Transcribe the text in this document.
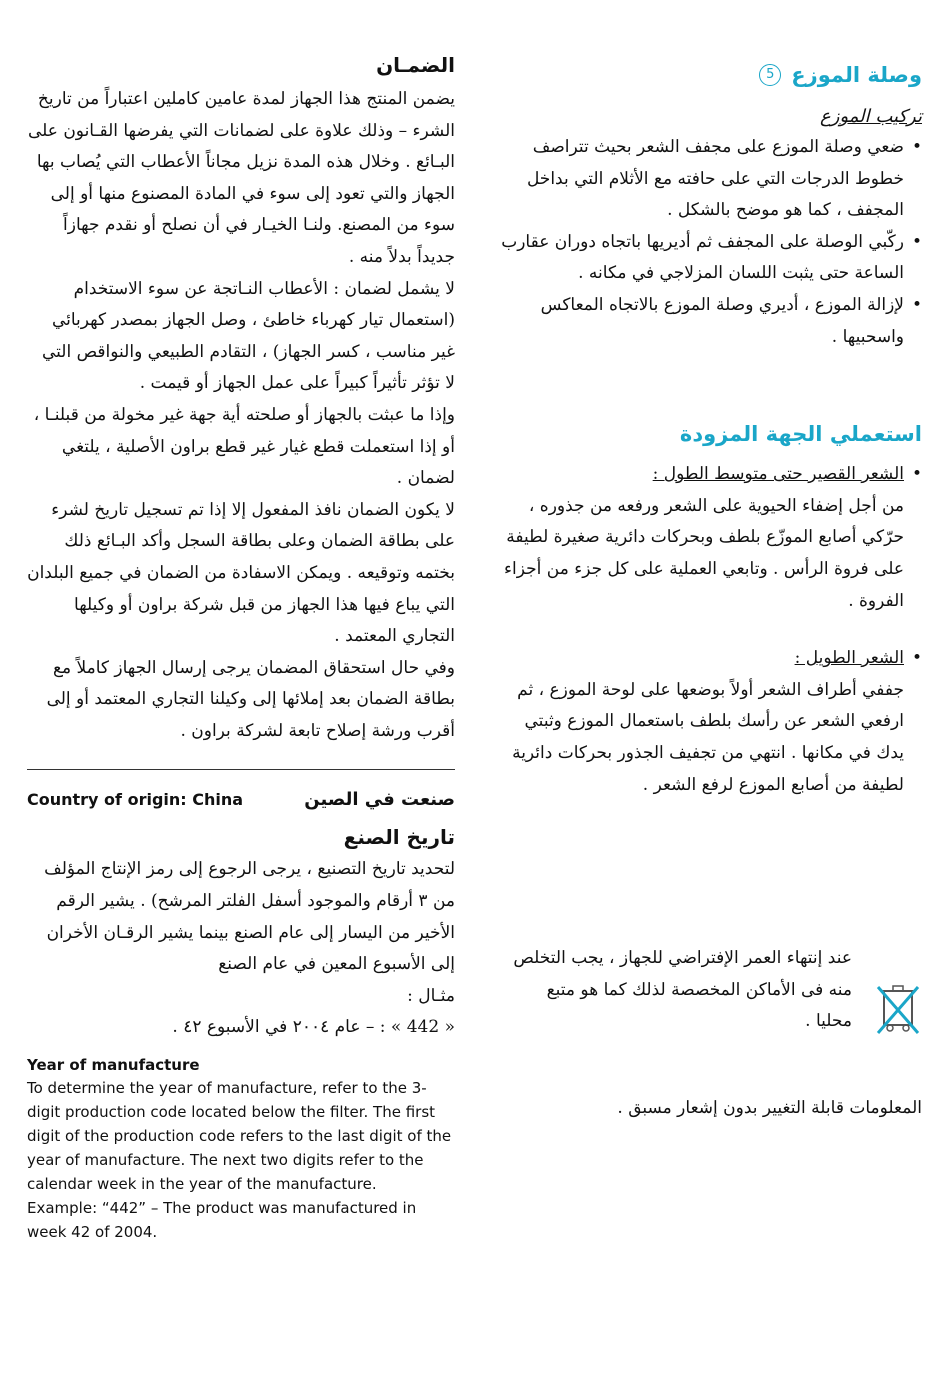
الضمـان

يضمن المنتج هذا الجهاز لمدة عامين كاملين اعتباراً من تاريخ الشرء – وذلك علاوة على لضمانات التي يفرضها القـانون على البـائع . وخلال هذه المدة نزيل مجاناً الأعطاب التي يُصاب بها الجهاز والتي تعود إلى سوء في المادة المصنوع منها أو إلى سوء من المصنع. ولنـا الخيـار في أن نصلح أو نقدم جهازاً جديداً بدلاً منه .

لا يشمل لضمان : الأعطاب النـاتجة عن سوء الاستخدام (استعمال تيار كهرباء خاطئ ، وصل الجهاز بمصدر كهربائي غير مناسب ، كسر الجهاز) ، التقادم الطبيعي والنواقص التي لا تؤثر تأثيراً كبيراً على عمل الجهاز أو قيمت .

وإذا ما عبثت بالجهاز أو صلحته أية جهة غير مخولة من قبلنـا ، أو إذا استعملت قطع غيار غير قطع براون الأصلية ، يلتغي لضمان .

لا يكون الضمان نافذ المفعول إلا إذا تم تسجيل تاريخ لشرء على بطاقة الضمان وعلى بطاقة السجل وأكد البـائع ذلك بختمه وتوقيعه . ويمكن الاسفادة من الضمان في جميع البلدان التي يباع فيها هذا الجهاز من قبل شركة براون أو وكيلها التجاري المعتمد .

وفي حال استحقاق المضمان يرجى إرسال الجهاز كاملاً مع بطاقة الضمان بعد إملائها إلى وكيلنا التجاري المعتمد أو إلى أقرب ورشة إصلاح تابعة لشركة براون .

Country of origin: China	صنعت في الصين
تاريخ الصنع

لتحديد تاريخ التصنيع ، يرجى الرجوع إلى رمز الإنتاج المؤلف من ٣ أرقام والموجود أسفل الفلتر المرشح) . يشير الرقم الأخير من اليسار إلى عام الصنع بينما يشير الرقـان الأخران إلى الأسبوع المعين في عام الصنع

مثـال :

« 442 » : – عام ٢٠٠٤ في الأسبوع ٤٢ .

Year of manufacture

To determine the year of manufacture, refer to the 3-digit production code located below the filter. The first digit of the production code refers to the last digit of the year of manufacture. The next two digits refer to the calendar week in the year of the manufacture.

Example: “442” – The product was manufactured in week 42 of 2004.

وصلة الموزع
5
تركيب الموزع
•
ضعي وصلة الموزع على مجفف الشعر بحيث تتراصف خطوط الدرجات التي على حافته مع الأثلام التي بداخل المجفف ، كما هو موضح بالشكل .
•
ركّبي الوصلة على المجفف ثم أديريها باتجاه دوران عقارب الساعة حتى يثبت اللسان المزلاجي في مكانه .
•
لإزالة الموزع ، أديري وصلة الموزع بالاتجاه المعاكس واسحبيها .
استعملي الجهة المزودة
•
الشعر القصير حتى متوسط الطول :
من أجل إضفاء الحيوية على الشعر ورفعه من جذوره ، حرّكي أصابع الموزّع بلطف وبحركات دائرية صغيرة لطيفة على فروة الرأس . وتابعي العملية على كل جزء من أجزاء الفروة .
•
الشعر الطويل :
جففي أطراف الشعر أولاً بوضعها على لوحة الموزع ، ثم ارفعي الشعر عن رأسك بلطف باستعمال الموزع وثبتي يدك في مكانها . انتهي من تجفيف الجذور بحركات دائرية لطيفة من أصابع الموزع لرفع الشعر .

عند إنتهاء العمر الإفتراضي للجهاز ، يجب التخلص منه فى الأماكن المخصصة لذلك كما هو متبع محليا .

المعلومات قابلة التغيير بدون إشعار مسبق .
